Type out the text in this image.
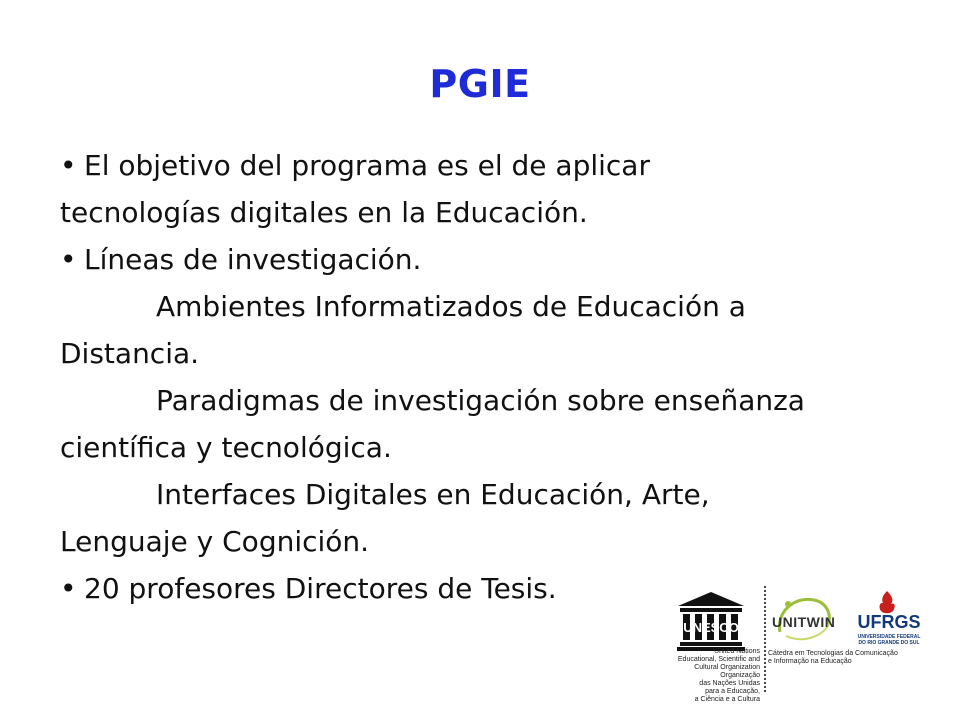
PGIE
• El objetivo del programa es el de aplicar
tecnologías digitales en la Educación.
• Líneas de investigación.
Ambientes Informatizados de Educación a
Distancia.
Paradigmas de investigación sobre enseñanza
científica y tecnológica.
Interfaces Digitales en Educación, Arte,
Lenguaje y Cognición.
• 20 profesores Directores de Tesis.
UNESCO
United Nations
Educational, Scientific and
Cultural Organization
Organização
das Nações Unidas
para a Educação,
a Ciência e a Cultura
UNITWIN	UFRGS
UNIVERSIDADE FEDERAL
DO RIO GRANDE DO SUL
Cátedra em Tecnologias da Comunicação
e Informação na Educação
